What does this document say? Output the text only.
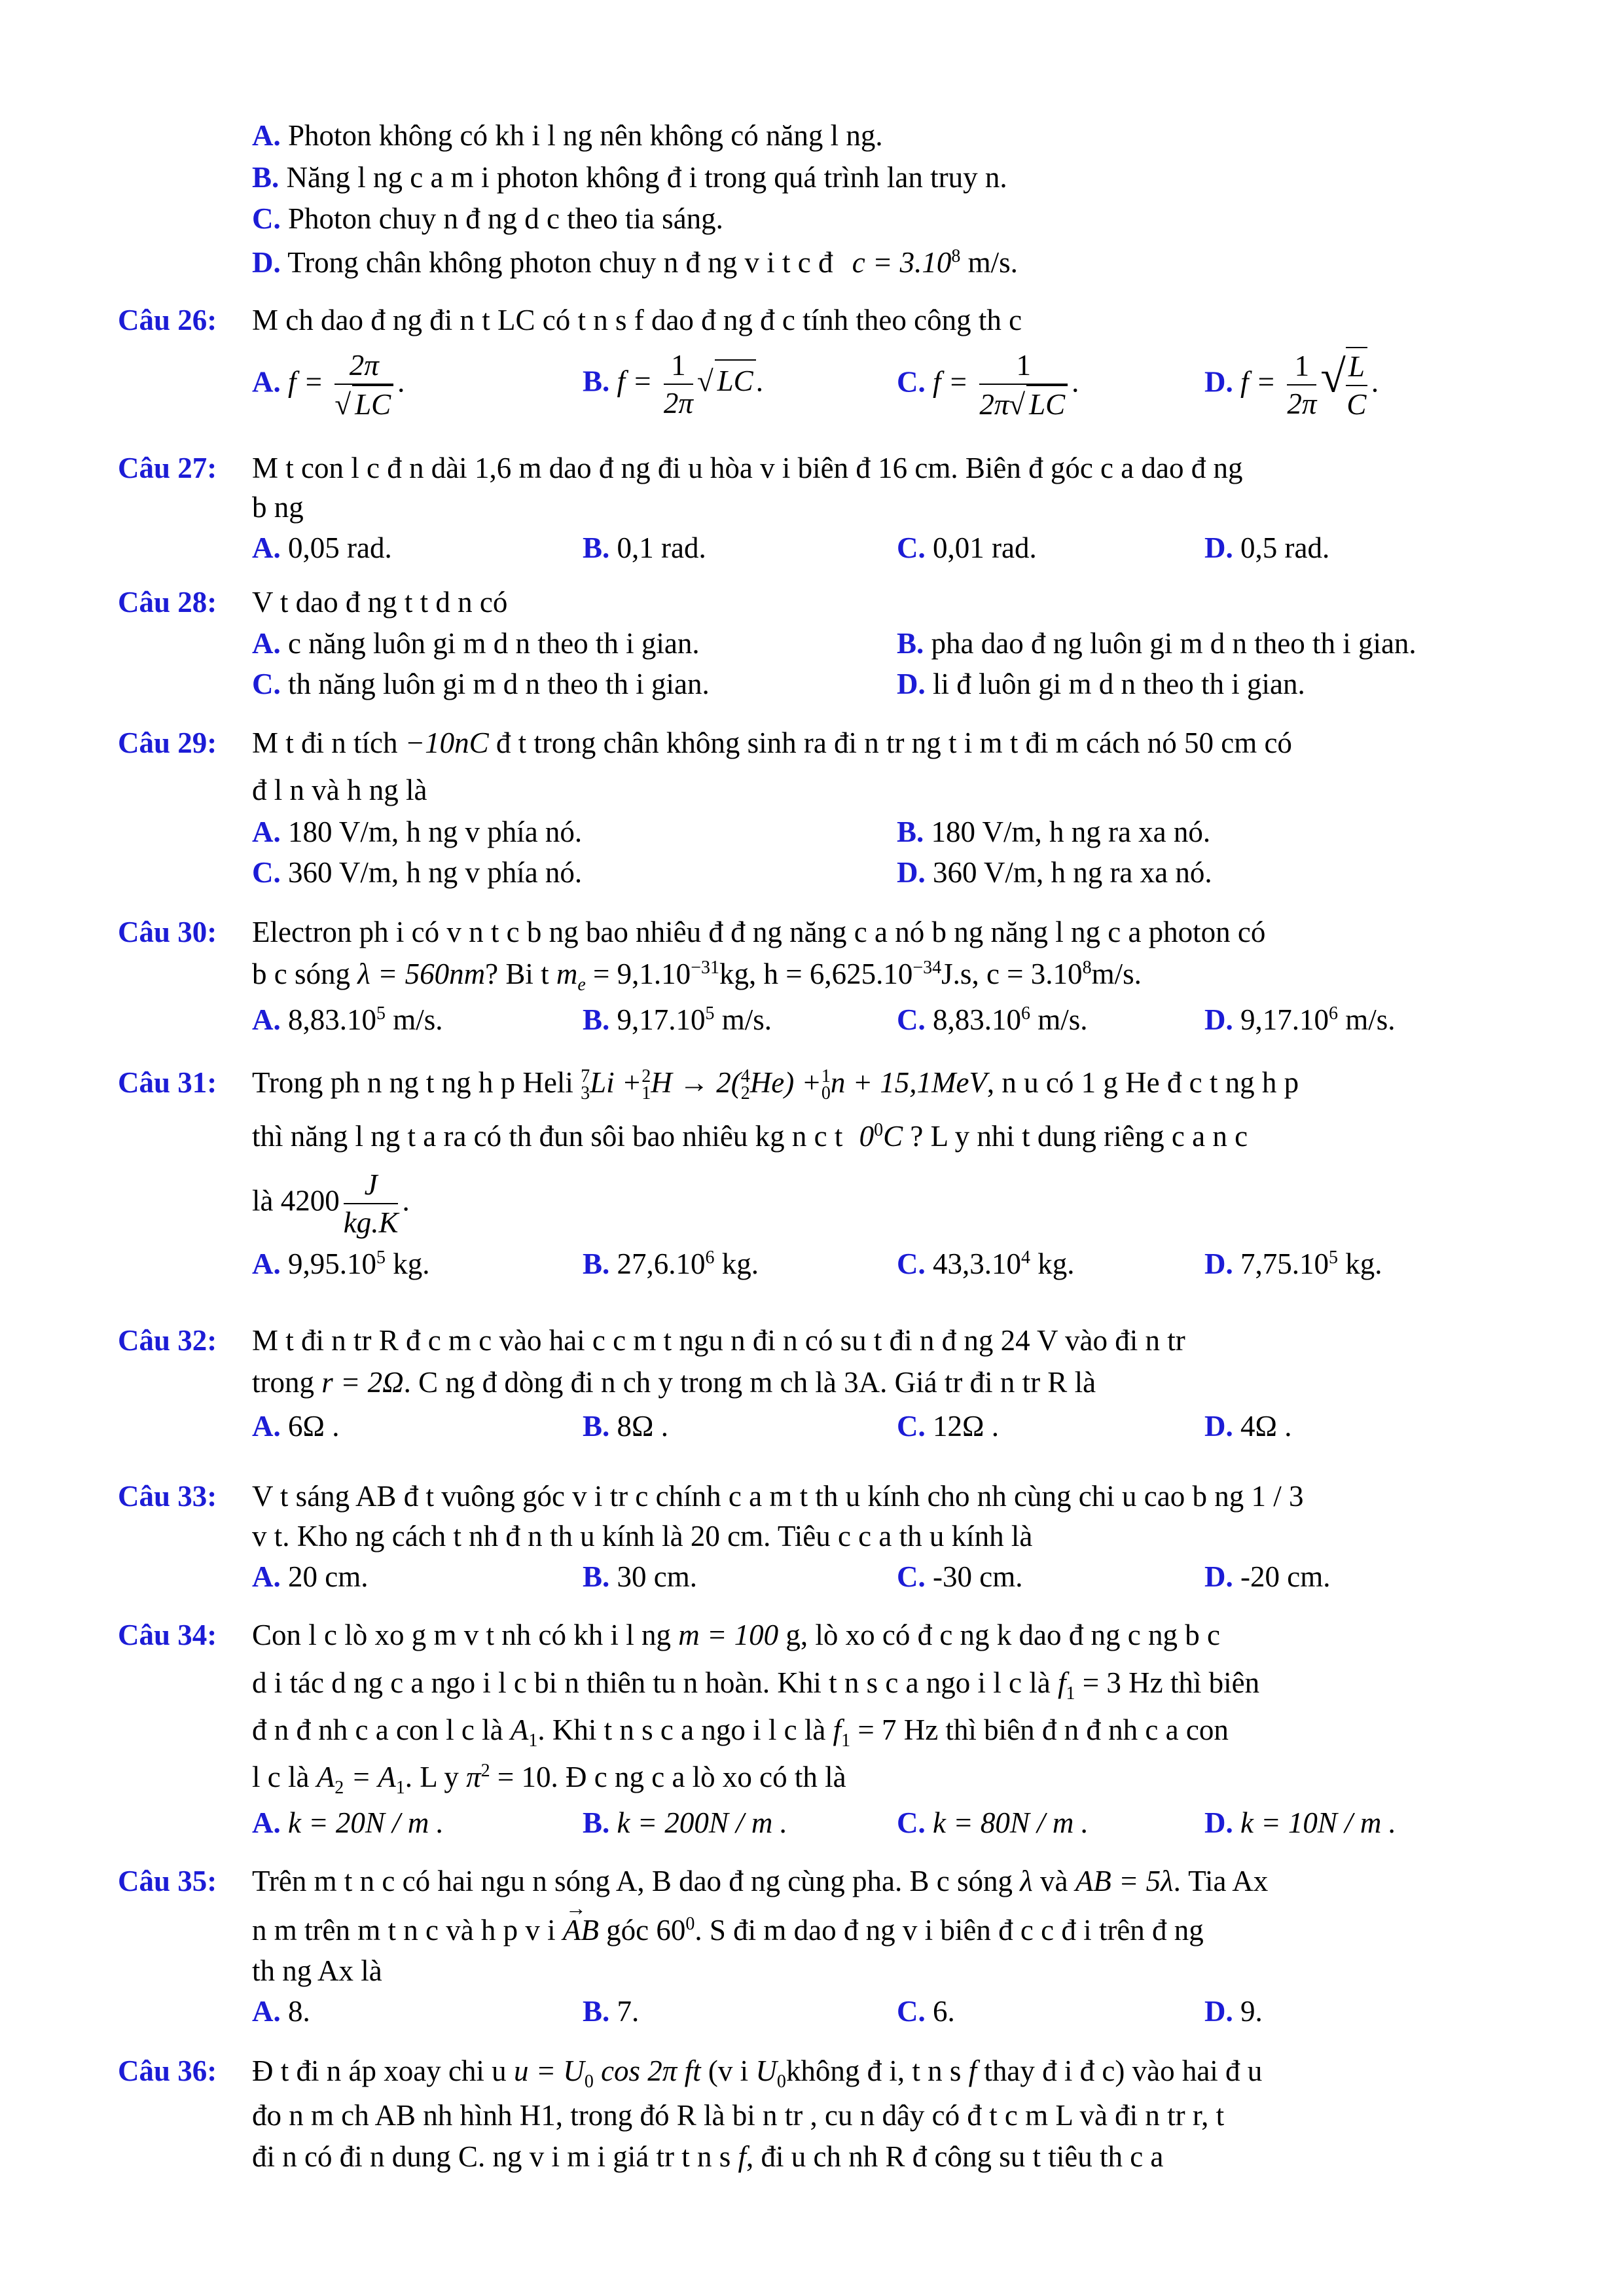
A. Photon không có kh i l ng nên không có năng l ng.
B. Năng l ng c a m i photon không đ i trong quá trình lan truy n.
C. Photon chuy n đ ng d c theo tia sáng.
D. Trong chân không photon chuy n đ ng v i t c đ $c = 3.10^8$ m/s.
Câu 26: M ch dao đ ng đi n t LC có t n s f dao đ ng đ c tính theo công th c
A. $f = \frac{2\pi}{√ LC}$ .	B. $f = \frac{1}{2\pi}$ √ LC.	C. $f = \frac{1}{2\pi√ LC}$ .	D. $f = \frac{1}{2\pi}$ √ $\frac{L}{C}$ .
Câu 27: M t con l c đ n dài 1,6 m dao đ ng đi u hòa v i biên đ 16 cm. Biên đ góc c a dao đ ng
b ng
A. 0,05 rad.	B. 0,1 rad.	C. 0,01 rad.	D. 0,5 rad.
Câu 28: V t dao đ ng t t d n có
A. c năng luôn gi m d n theo th i gian.	B. pha dao đ ng luôn gi m d n theo th i gian.
C. th năng luôn gi m d n theo th i gian.	D. li đ luôn gi m d n theo th i gian.
Câu 29: M t đi n tích −10nC đ t trong chân không sinh ra đi n tr ng t i m t đi m cách nó 50 cm có
đ l n và h ng là
A. 180 V/m, h ng v phía nó.	B. 180 V/m, h ng ra xa nó.
C. 360 V/m, h ng v phía nó.	D. 360 V/m, h ng ra xa nó.
Câu 30: Electron ph i có v n t c b ng bao nhiêu đ đ ng năng c a nó b ng năng l ng c a photon có
b c sóng λ = 560nm? Bi t $m_e = 9,1.10^{-31}kg$, $h = 6,625.10^{-34}J.s$, $c = 3.10^8m/s$.
A. 8,83.10$^5$ m/s.	B. 9,17.10$^5$ m/s.	C. 8,83.10$^6$ m/s.	D. 9,17.10$^6$ m/s.
Câu 31: Trong ph n ng t ng h p Heli $_3^7Li +_1^2H \to 2(_2^4He) +_0^1n + 15,1MeV$, n u có 1 g He đ c t ng h p
thì năng l ng t a ra có th đun sôi bao nhiêu kg n c t $0^0C$ ? L y nhi t dung riêng c a n c
là $4200 \frac{J}{kg.K}$ .
A. 9,95.10$^5$ kg.	B. 27,6.10$^6$ kg.	C. 43,3.10$^4$ kg.	D. 7,75.10$^5$ kg.
Câu 32: M t đi n tr R đ c m c vào hai c c m t ngu n đi n có su t đi n đ ng 24 V vào đi n tr
trong r = 2Ω. C ng đ dòng đi n ch y trong m ch là 3A. Giá tr đi n tr R là
A. 6Ω .	B. 8Ω .	C. 12Ω .	D. 4Ω .
Câu 33: V t sáng AB đ t vuông góc v i tr c chính c a m t th u kính cho nh cùng chi u cao b ng 1 / 3
v t. Kho ng cách t nh đ n th u kính là 20 cm. Tiêu c c a th u kính là
A. 20 cm.	B. 30 cm.	C. -30 cm.	D. -20 cm.
Câu 34: Con l c lò xo g m v t nh có kh i l ng m = 100 g, lò xo có đ c ng k dao đ ng c ng b c
d i tác d ng c a ngo i l c bi n thiên tu n hoàn. Khi t n s c a ngo i l c là $f_1 = 3$ Hz thì biên
đ n đ nh c a con l c là $A_1$. Khi t n s c a ngo i l c là $f_1 = 7$ Hz thì biên đ n đ nh c a con
l c là $A_2 = A_1$. L y $\pi^2 = 10$. Đ c ng c a lò xo có th là
A. k = 20N / m .	B. k = 200N / m .	C. k = 80N / m .	D. k = 10N / m .
Câu 35: Trên m t n c có hai ngu n sóng A, B dao đ ng cùng pha. B c sóng λ và AB = 5λ. Tia Ax
n m trên m t n c và h p v i → AB góc $60^0$. S đi m dao đ ng v i biên đ c c đ i trên đ ng
th ng Ax là
A. 8.	B. 7.	C. 6.	D. 9.
Câu 36: Đ t đi n áp xoay chi u $u = U_0$ cos 2π ft (v i $U_0không$ đ i, t n s f thay đ i đ c) vào hai đ u
đo n m ch AB nh hình H1, trong đó R là bi n tr , cu n dây có đ t c m L và đi n tr r, t
đi n có đi n dung C. ng v i m i giá tr t n s f, đi u ch nh R đ công su t tiêu th c a
